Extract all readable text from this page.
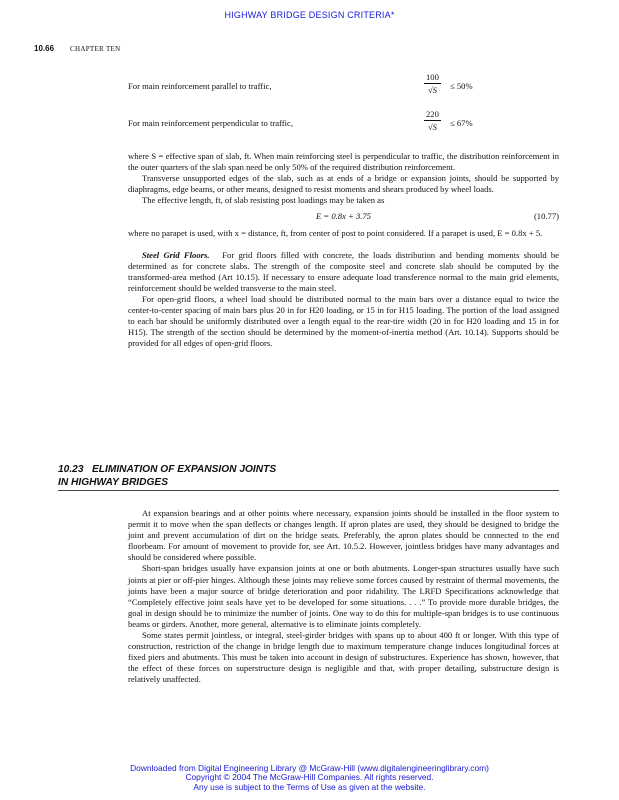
HIGHWAY BRIDGE DESIGN CRITERIA*
10.66 CHAPTER TEN
For main reinforcement parallel to traffic,	$\frac{100}{√S} \le 50\%$
For main reinforcement perpendicular to traffic,	$\frac{220}{√S} \le 67\%$

where S = effective span of slab, ft. When main reinforcing steel is perpendicular to traffic, the distribution reinforcement in the outer quarters of the slab span need be only 50% of the required distribution reinforcement.

Transverse unsupported edges of the slab, such as at ends of a bridge or expansion joints, should be supported by diaphragms, edge beams, or other means, designed to resist moments and shears produced by wheel loads.

The effective length, ft, of slab resisting post loadings may be taken as

E = 0.8x + 3.75	(10.77)

where no parapet is used, with x = distance, ft, from center of post to point considered. If a parapet is used, E = 0.8x + 5.

Steel Grid Floors. For grid floors filled with concrete, the loads distribution and bending moments should be determined as for concrete slabs. The strength of the composite steel and concrete slab should be computed by the transformed-area method (Art 10.15). If necessary to ensure adequate load transference normal to the main grid elements, reinforcement should be welded transverse to the main steel.

For open-grid floors, a wheel load should be distributed normal to the main bars over a distance equal to twice the center-to-center spacing of main bars plus 20 in for H20 loading, or 15 in for H15 loading. The portion of the load assigned to each bar should be uniformly distributed over a length equal to the rear-tire width (20 in for H20 loading and 15 in for H15). The strength of the section should be determined by the moment-of-inertia method (Art. 10.14). Supports should be provided for all edges of open-grid floors.

10.23 ELIMINATION OF EXPANSION JOINTS
IN HIGHWAY BRIDGES

At expansion bearings and at other points where necessary, expansion joints should be installed in the floor system to permit it to move when the span deflects or changes length. If apron plates are used, they should be designed to bridge the joint and prevent accumulation of dirt on the bridge seats. Preferably, the apron plates should be connected to the end floorbeam. For amount of movement to provide for, see Art. 10.5.2. However, jointless bridges have many advantages and should be considered where possible.

Short-span bridges usually have expansion joints at one or both abutments. Longer-span structures usually have such joints at pier or off-pier hinges. Although these joints may relieve some forces caused by restraint of thermal movements, the joints have been a major source of bridge deterioration and poor ridability. The LRFD Specifications acknowledge that “Completely effective joint seals have yet to be developed for some situations. . . .” To provide more durable bridges, the goal in design should be to minimize the number of joints. One way to do this for multiple-span bridges is to use continuous beams or girders. Another, more general, alternative is to eliminate joints completely.

Some states permit jointless, or integral, steel-girder bridges with spans up to about 400 ft or longer. With this type of construction, restriction of the change in bridge length due to maximum temperature change induces longitudinal forces at fixed piers and abutments. This must be taken into account in design of substructures. Experience has shown, however, that the effect of these forces on superstructure design is negligible and that, with proper detailing, substructure design is relatively unaffected.

Downloaded from Digital Engineering Library @ McGraw-Hill (www.digitalengineeringlibrary.com)
Copyright © 2004 The McGraw-Hill Companies. All rights reserved.
Any use is subject to the Terms of Use as given at the website.
